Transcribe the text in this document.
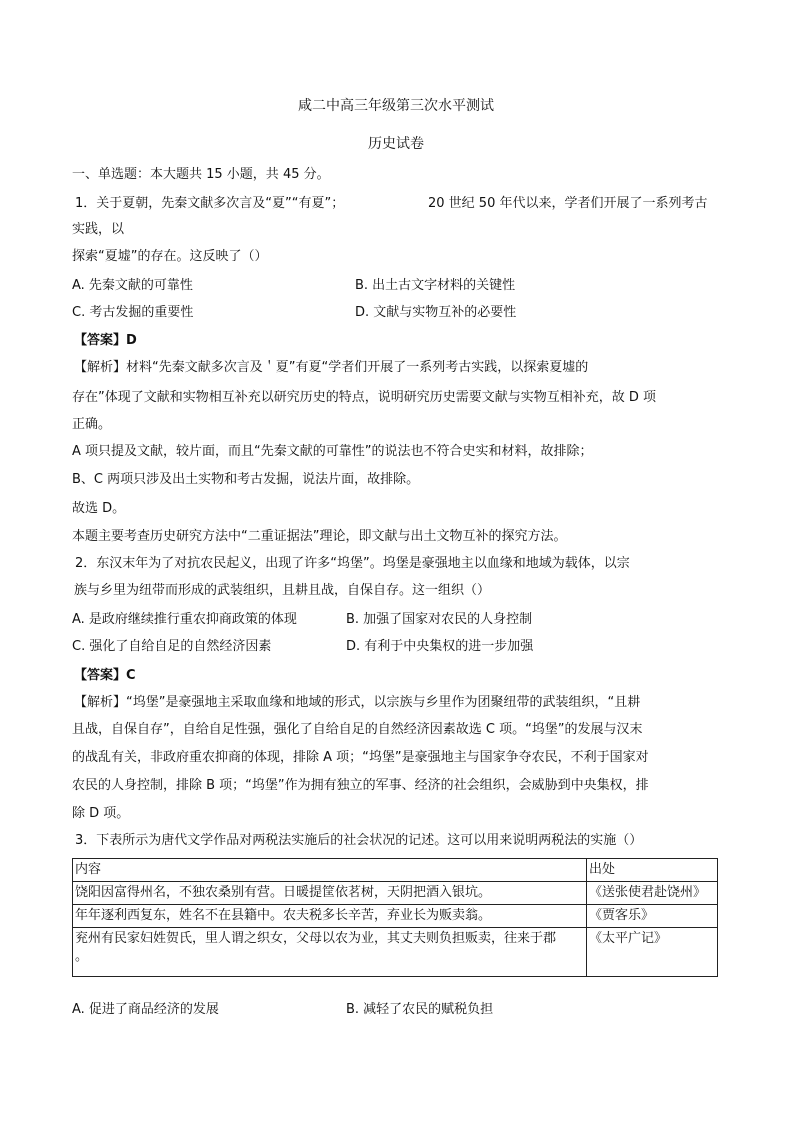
咸二中高三年级第三次水平测试
历史试卷
一、单选题：本大题共 15 小题，共 45 分。
1．关于夏朝，先秦文献多次言及“夏”“有夏”；	20 世纪 50 年代以来，学者们开展了一系列考古
实践，以
探索“夏墟”的存在。这反映了（）
A. 先秦文献的可靠性	B. 出土古文字材料的关键性
C. 考古发掘的重要性	D. 文献与实物互补的必要性
【答案】D
【解析】材料“先秦文献多次言及＇夏”有夏“学者们开展了一系列考古实践，以探索夏墟的
存在”体现了文献和实物相互补充以研究历史的特点，说明研究历史需要文献与实物互相补充，故 D 项
正确。
A 项只提及文献，较片面，而且“先秦文献的可靠性”的说法也不符合史实和材料，故排除；
B、C 两项只涉及出土实物和考古发掘，说法片面，故排除。
故选 D。
本题主要考查历史研究方法中“二重证据法”理论，即文献与出土文物互补的探究方法。
2．东汉末年为了对抗农民起义，出现了许多“坞堡”。坞堡是豪强地主以血缘和地域为载体，以宗
族与乡里为纽带而形成的武装组织，且耕且战，自保自存。这一组织（）
A. 是政府继续推行重农抑商政策的体现	B. 加强了国家对农民的人身控制
C. 强化了自给自足的自然经济因素	D. 有利于中央集权的进一步加强
【答案】C
【解析】“坞堡”是豪强地主采取血缘和地域的形式，以宗族与乡里作为团聚纽带的武装组织，“且耕
且战，自保自存”，自给自足性强，强化了自给自足的自然经济因素故选 C 项。“坞堡”的发展与汉末
的战乱有关，非政府重农抑商的体现，排除 A 项；“坞堡”是豪强地主与国家争夺农民，不利于国家对
农民的人身控制，排除 B 项；“坞堡”作为拥有独立的军事、经济的社会组织，会威胁到中央集权，排
除 D 项。
3．下表所示为唐代文学作品对两税法实施后的社会状况的记述。这可以用来说明两税法的实施（）
内容	出处
饶阳因富得州名，不独农桑别有营。日暖提筐依茗树，天阴把酒入银坑。	《送张使君赴饶州》
年年逐利西复东，姓名不在县籍中。农夫税多长辛苦，弃业长为贩卖翁。	《贾客乐》

兖州有民家妇姓贺氏，里人谓之织女，父母以农为业，其丈夫则负担贩卖，往来于郡
。	《太平广记》
A. 促进了商品经济的发展	B. 减轻了农民的赋税负担
